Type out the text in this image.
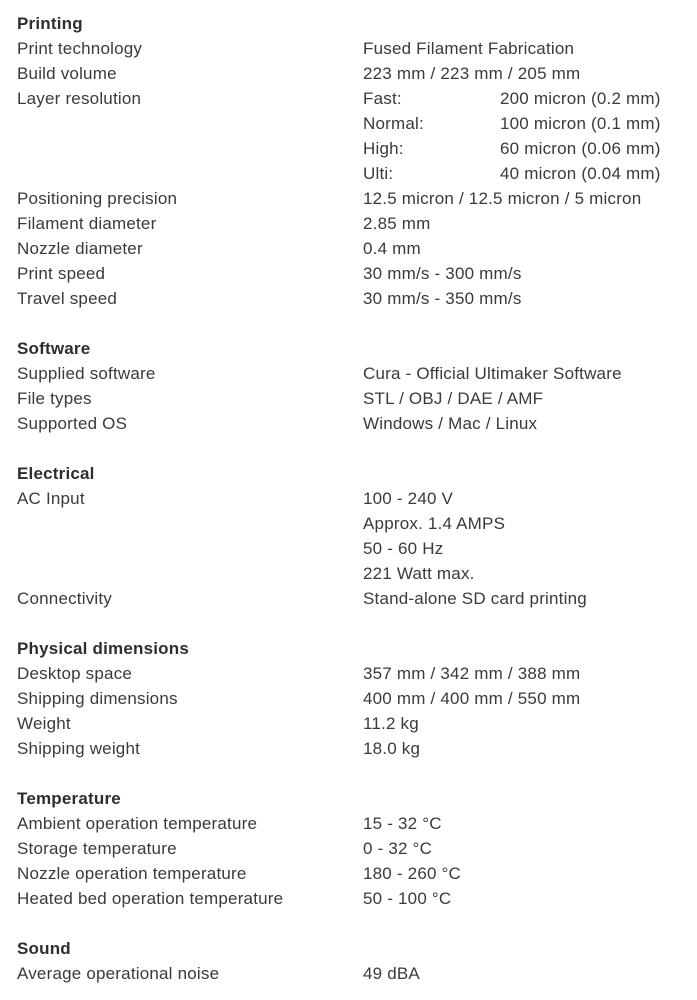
Printing
Print technology	Fused Filament Fabrication
Build volume	223 mm / 223 mm / 205 mm
Layer resolution	Fast:	200 micron (0.2 mm)
Normal:	100 micron (0.1 mm)
High:	60 micron (0.06 mm)
Ulti:	40 micron (0.04 mm)
Positioning precision	12.5 micron / 12.5 micron / 5 micron
Filament diameter	2.85 mm
Nozzle diameter	0.4 mm
Print speed	30 mm/s - 300 mm/s
Travel speed	30 mm/s - 350 mm/s
Software
Supplied software	Cura - Official Ultimaker Software
File types	STL / OBJ / DAE / AMF
Supported OS	Windows / Mac / Linux
Electrical
AC Input	100 - 240 V
Approx. 1.4 AMPS
50 - 60 Hz
221 Watt max.
Connectivity	Stand-alone SD card printing
Physical dimensions
Desktop space	357 mm / 342 mm / 388 mm
Shipping dimensions	400 mm / 400 mm / 550 mm
Weight	11.2 kg
Shipping weight	18.0 kg
Temperature
Ambient operation temperature	15 - 32 °C
Storage temperature	0 - 32 °C
Nozzle operation temperature	180 - 260 °C
Heated bed operation temperature	50 - 100 °C
Sound
Average operational noise	49 dBA
